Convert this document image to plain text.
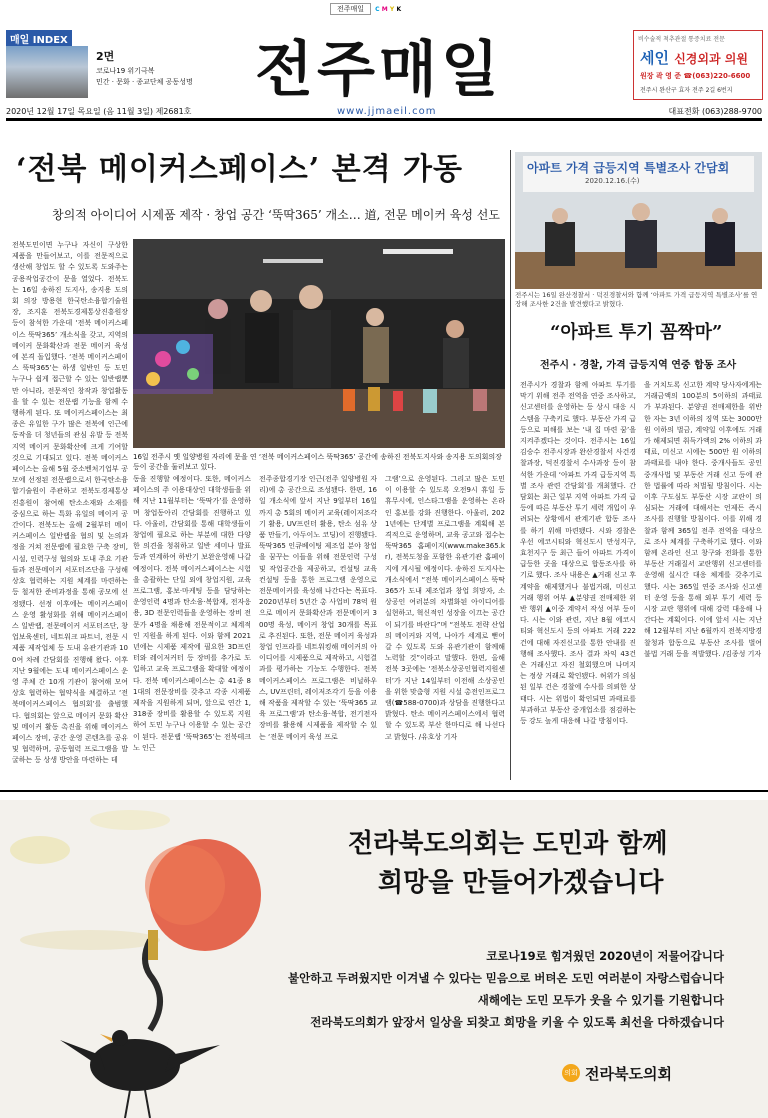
전주매일	C M Y K
매일 INDEX
2면
코로나19 위기극복
민간 · 문화 · 종교단체 공동성명 전주매일
www.jjmaeil.com
비수술적 척추관절 통증치료 전문
세인 신경외과 의원
원장 곽 영 준 ☎(063)220-6600
전주시 완산구 효자 전주 2길 6번지
2020년 12월 17일 목요일 (음 11월 3일) 제2681호	대표전화 (063)288-9700
‘전북 메이커스페이스’ 본격 가동
창의적 아이디어 시제품 제작 · 창업 공간 ‘뚝딱365’ 개소… 道, 전문 메이커 육성 선도
전북도민이면 누구나 자신이 구상한 제품을 만들어보고, 이를 전문적으로 생산해 창업도 할 수 있도록 도와주는 공용작업공간이 문을 열었다. 전북도는 16일 송하진 도지사, 송지용 도의회 의장 방용현 한국탄소융합기술원장, 조지훈 전북도경제통상진흥원장 등이 참석한 가운데 ‘전북 메이커스페이스 뚝딱365’ 개소식을 갖고, 지역의 메이커 문화확산과 전문 메이커 육성에 본격 돌입했다. ‘전북 메이커스페이스 뚝딱365’는 하생 일반인 등 도민 누구나 쉽게 접근할 수 있는 일반랩뿐만 아니라, 전문적인 창작과 창업활동을 할 수 있는 전문랩 기능을 함께 수행하게 된다. 또 메이커스페이스는 최종은 유일한 구가 많은 전북에 인근에 동작을 더 청년들의 관심 유발 등 전북 지역 메이커 문화확산에 크게 기여할 것으로 기대되고 있다. 전북 메이커스페이스는 올해 5월 중소벤처기업부 공모에 선정된 전문랩으로서 한국탄소융합기술원이 주관하고 전북도경제통상진흥원이 참여해 탄소소재와 소재를 중심으로 하는 특화 유일의 메이커 공간이다. 전북도는 올해 2월부터 메이커스페이스 일반랩을 협의 및 논의과정을 거쳐 전문랩에 필요한 구축 장비, 시설, 인력구성 협의와 도내 주요 기관들과 전문메이커 서포터즈단을 구성해 상호 협력하는 지원 체계를 마련하는 등 철저한 준비과정을 통해 공모에 선정됐다. 선정 이후에는 메이커스페이스 운영 활성화를 위해 메이커스페이스 일반랩, 전문메이커 서포터즈단, 창업보육센터, 네트워크 파트너, 전문 시제품 제작업체 등 도내 유관기관과 100여 차례 간담회를 진행해 왔다. 이후 지난 9월에는 도내 메이커스페이스 운영 주체 간 10개 기관이 참여해 모여 상호 협력하는 협약식을 체결하고 ‘전북메이커스페이스 협의회’를 출범했다. 협의회는 앞으로 메이커 문화 확산 및 메이커 활동 촉진을 위해 메이커스페이스 장비, 공간 운영 콘텐츠를 공유 및 협력하며, 공동협력 프로그램을 발굴하는 등 상생 방안을 마련하는 데
16일 전주시 옛 일양병원 자리에 문을 연 ‘전북 메이커스페이스 뚝딱365’ 공간에 송하진 전북도지사와 송지용 도의회의장 등이 공간을 둘러보고 있다.
동을 진행할 예정이다. 또한, 메이커스페이스의 주 이용대상인 대학생들을 위해 지난 11월부터는 ‘뚝딱가’를 운영하며 창업동아리 간담회를 진행하고 있다. 아울러, 간담회를 통해 대학생들이 창업에 필요로 하는 부분에 대한 다양한 의견을 청취하고 일반 세미나 발표 등과 연계하여 하반기 보완운영해 나갈 예정이다. 전북 메이커스페이스는 시험을 총괄하는 단일 외에 창업지원, 교육 프로그램, 홍보·마케팅 등을 담당하는 운영인력 4명과 탄소융·복합재, 전자응용, 3D 전문인력들을 운영하는 장비 전문가 4명을 채용해 전문적이고 체계적인 지원을 하게 된다. 이와 함께 2021년에는 시제품 제작에 필요한 3D프린터와 레이저커터 등 장비를 추가로 도입하고 교육 프로그램을 확대할 예정이다. 전북 메이커스페이스는 총 41종 81대의 전문장비를 갖추고 각종 시제품 제작을 지원하게 되며, 앞으로 연간 1,318종 장비를 활용할 수 있도록 지원하여 도민 누구나 이용할 수 있는 공간이 된다. 전문랩 ‘뚝딱365’는 전북테크노 인근
전주종합경기장 인근(전주 일양병원 자리)에 총 공간으로 조성됐다. 한편, 16일 개소식에 앞서 지난 9일부터 16일까지 총 5회의 메이커 교육(레이저조각기 활용, UV프린터 활용, 탄소 섬유 상품 만들기, 아두이노 코딩)이 진행됐다. 뚝딱365 인큐베이팅 제조업 분야 창업을 꿈꾸는 이들을 위해 전문인력 구성 및 작업공간을 제공하고, 컨설팅 교육 컨설팅 등을 통한 프로그램 운영으로 전문메이커를 육성해 나간다는 목표다. 2020년부터 5년간 총 사업비 78억 원으로 메이커 문화확산과 전문메이커 300명 육성, 메이커 창업 30개를 목표로 추진된다. 또한, 전문 메이커 육성과 창업 인프라를 네트워킹해 메이커의 아이디어를 시제품으로 제작하고, 시험결과를 평가하는 기능도 수행한다. 전북메이커스페이스 프로그램은 비닐하우스, UV프린터, 레이저조각기 등을 이용해 작품을 제작할 수 있는 ‘뚝딱365 교육 프로그램’과 탄소융·복합, 전기전자 장비를 활용해 시제품을 제작할 수 있는 ‘전문 메이커 육성 프로
그램’으로 운영된다. 그리고 많은 도민이 이용할 수 있도록 오전9시 휴일 등 휴무시에, 인스타그램을 운영하는 온라인 홍보를 강화 진행한다. 아울러, 2021년에는 단계별 프로그램을 계획해 본격적으로 운영하며, 교육 공고와 접수는 뚝딱365 홈페이지(www.make365.kr), 전북도청을 포함한 유관기관 홈페이지에 게시될 예정이다. 송하진 도지사는 개소식에서 “전북 메이커스페이스 뚝딱365가 도내 제조업과 창업 희망자, 소상공인 여러분의 차별화된 아이디어를 실현하고, 혁신적인 성장을 이끄는 공간이 되기를 바란다”며 “전북도 전략 산업의 메이커와 지역, 나아가 세계로 뻗어갈 수 있도록 도와 유관기관이 함께해 노력할 것”이라고 말했다. 한편, 올해 전북 3곳에는 ‘전북소상공인협력지원센터’가 지난 14일부터 이전해 소상공인을 위한 맞춤형 지원 시설 총전인프로그램(☎588-0700)과 상담을 진행한다고 밝혔다. 탄소 메이커스페이스에서 협력할 수 있도록 부산 한마디로 해 나선다고 밝혔다. /유호상 기자
아파트 가격 급등지역 특별조사 간담회
2020.12.16.(수)
전주시는 16일 완산경찰서 · 덕진경찰서와 함께 ‘아파트 가격 급등지역 특별조사’를 연장해 조사한 2건을 발견했다고 밝혔다.
“아파트 투기 꼼짝마”
전주시 · 경찰, 가격 급등지역 연중 합동 조사
전주시가 경찰과 함께 아파트 투기를 막기 위해 전주 전역을 연중 조사하고, 신고센터를 운영하는 등 상시 대응 시스템을 구축키로 했다. 부동산 가격 급등으로 피해를 보는 ‘내 집 마련 꿈’을 지켜주겠다는 것이다. 전주시는 16일 김승수 전주시장과 완산경찰서 사건경찰과장, 덕진경찰서 수사과장 등이 참석한 가운데 ‘아파트 가격 급등지역 특별 조사 관련 간담회’를 개최했다. 간담회는 최근 일부 지역 아파트 가격 급등에 따른 부동산 투기 세력 개입이 우려되는 상황에서 관계기관 합동 조사를 하기 위해 마련됐다. 시와 경찰은 우선 에코시티와 혁신도시 만성지구, 효천지구 등 최근 들어 아파트 가격이 급등한 곳을 대상으로 합동조사를 하기로 했다. 조사 내용은 ▲거래 신고 후 계약을 해제했거나 불법거래, 미신고 거래 행위 여부 ▲분양권 전매제한 위반 행위 ▲이중 계약서 작성 여부 등이다. 시는 이와 관련, 지난 8월 에코시티와 혁신도시 등의 아파트 거래 222건에 대해 자진신고를 통한 안내를 진행해 조사했다. 조사 결과 차익 43건은 거래신고 자진 철회했으며 나머지는 정상 거래로 확인됐다. 허위가 의심된 일부 건은 경찰에 수사를 의뢰한 상태다. 시는 위법이 확인되면 과태료를 부과하고 부동산 중개업소를 점검하는 등 강도 높게 대응해 나갈 방침이다.
을 거치도록 신고한 계약 당사자에게는 거래금액의 100분의 5이하의 과태료가 부과된다. 분양권 전매제한을 위반한 자는 3년 이하의 징역 또는 3000만 원 이하의 벌금, 계약일 이후에도 거래가 해제되면 취득가액의 2% 이하의 과태료, 미신고 시에는 500만 원 이하의 과태료를 내야 한다. 중개사들도 공인중개사법 및 부동산 거래 신고 등에 관한 법률에 따라 처벌될 방침이다. 시는 이후 구도심도 부동산 시장 교란이 의심되는 거래에 대해서는 언제든 즉시 조사를 진행할 방침이다. 이를 위해 경찰과 함께 365일 전주 전역을 대상으로 조사 체계를 구축하기로 했다. 이와 함께 온라인 신고 창구와 전화를 통한 부동산 거래질서 교란행위 신고센터를 운영해 실시간 대응 체계를 갖추기로 했다. 시는 365일 연중 조사와 신고센터 운영 등을 통해 외부 투기 세력 등 시장 교란 행위에 대해 강력 대응해 나간다는 계획이다. 이에 앞서 시는 지난해 12월부터 지난 6월까지 전북지방경찰청과 합동으로 부동산 조사를 벌여 불법 거래 등을 적발했다. /김종성 기자
전라북도의회는 도민과 함께
희망을 만들어가겠습니다
코로나19로 힘겨웠던 2020년이 저물어갑니다
불안하고 두려웠지만 이겨낼 수 있다는 믿음으로 버텨온 도민 여러분이 자랑스럽습니다
새해에는 도민 모두가 웃을 수 있기를 기원합니다
전라북도의회가 앞장서 일상을 되찾고 희망을 키울 수 있도록 최선을 다하겠습니다
의회 전라북도의회
